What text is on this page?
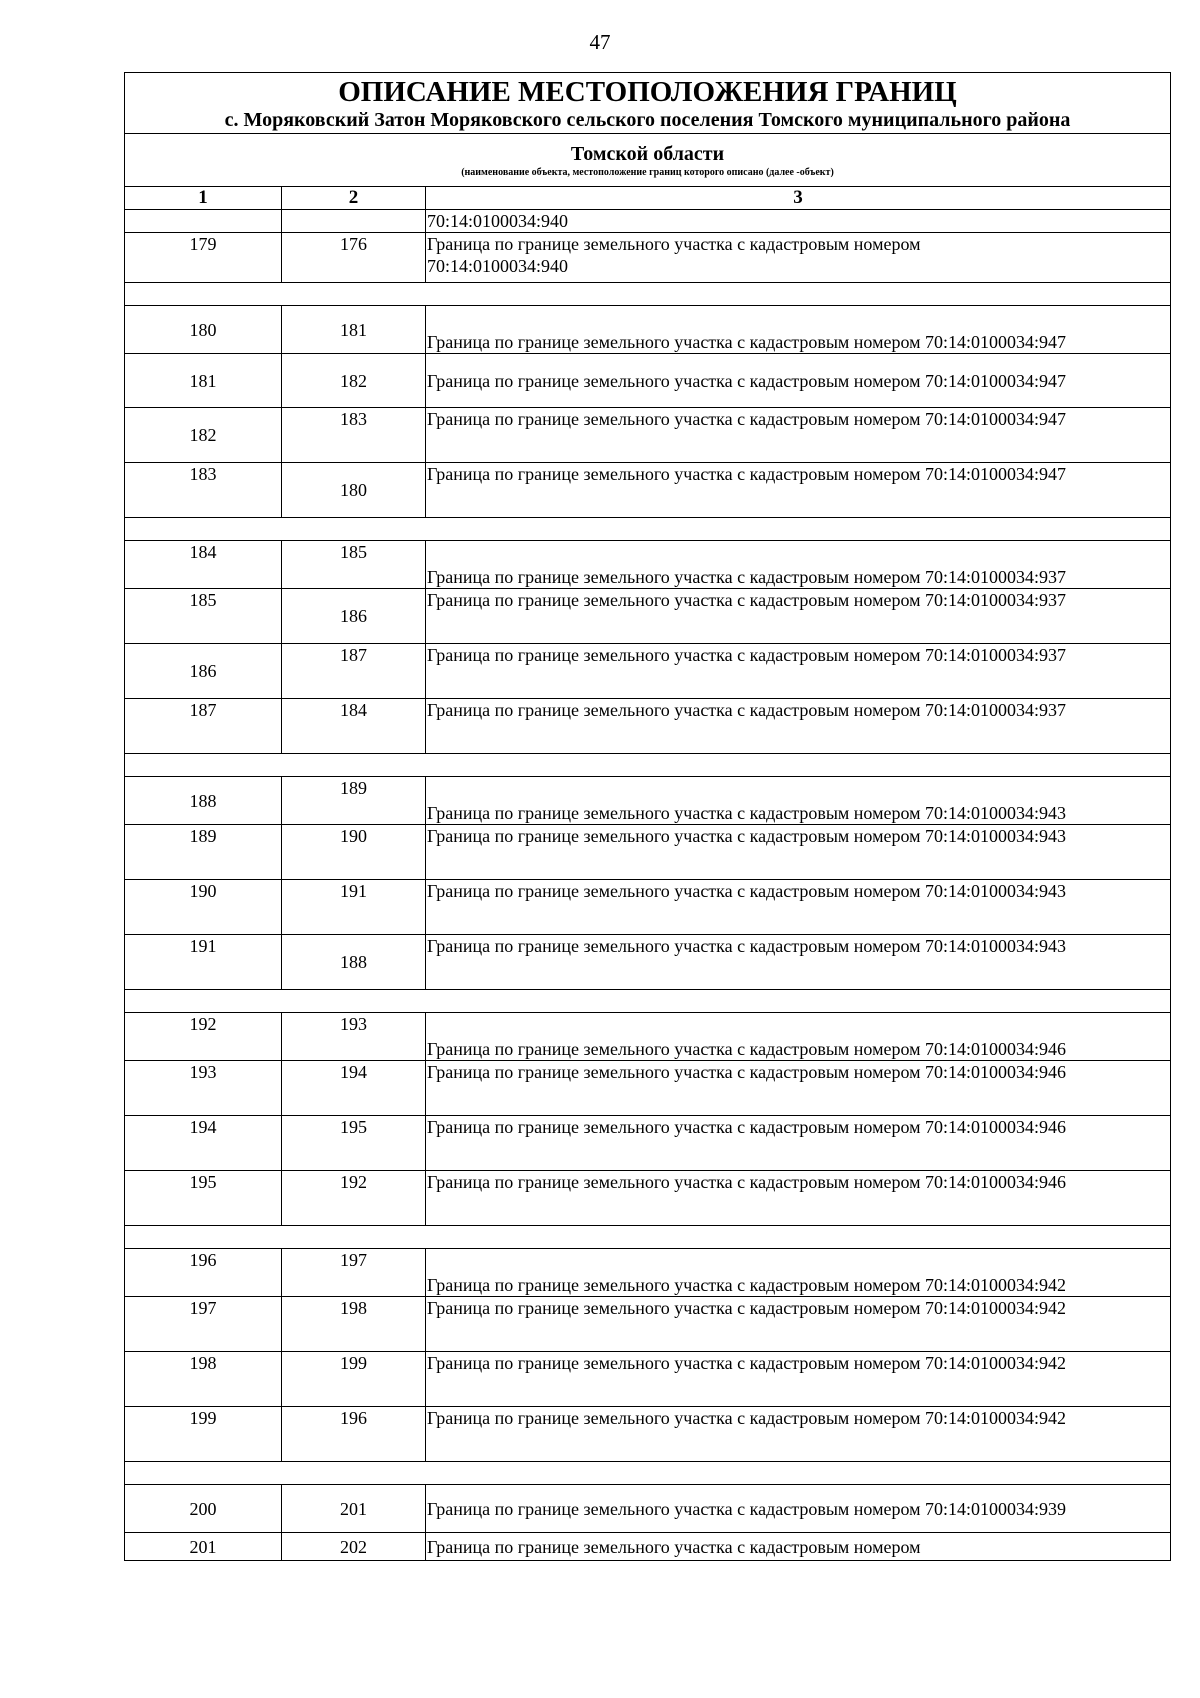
47
ОПИСАНИЕ МЕСТОПОЛОЖЕНИЯ ГРАНИЦ
с. Моряковский Затон Моряковского сельского поселения Томского муниципального района		

Томской области
(наименование объекта, местоположение границ которого описано (далее -объект)		

1	2	3
		70:14:0100034:940
179	176	Граница по границе земельного участка с кадастровым номером
70:14:0100034:940

180	181	Граница по границе земельного участка с кадастровым номером 70:14:0100034:947
181	182	Граница по границе земельного участка с кадастровым номером 70:14:0100034:947
182	183	Граница по границе земельного участка с кадастровым номером 70:14:0100034:947
183	180	Граница по границе земельного участка с кадастровым номером 70:14:0100034:947

184	185	Граница по границе земельного участка с кадастровым номером 70:14:0100034:937
185	186	Граница по границе земельного участка с кадастровым номером 70:14:0100034:937
186	187	Граница по границе земельного участка с кадастровым номером 70:14:0100034:937
187	184	Граница по границе земельного участка с кадастровым номером 70:14:0100034:937

188	189	Граница по границе земельного участка с кадастровым номером 70:14:0100034:943
189	190	Граница по границе земельного участка с кадастровым номером 70:14:0100034:943
190	191	Граница по границе земельного участка с кадастровым номером 70:14:0100034:943
191	188	Граница по границе земельного участка с кадастровым номером 70:14:0100034:943

192	193	Граница по границе земельного участка с кадастровым номером 70:14:0100034:946
193	194	Граница по границе земельного участка с кадастровым номером 70:14:0100034:946
194	195	Граница по границе земельного участка с кадастровым номером 70:14:0100034:946
195	192	Граница по границе земельного участка с кадастровым номером 70:14:0100034:946

196	197	Граница по границе земельного участка с кадастровым номером 70:14:0100034:942
197	198	Граница по границе земельного участка с кадастровым номером 70:14:0100034:942
198	199	Граница по границе земельного участка с кадастровым номером 70:14:0100034:942
199	196	Граница по границе земельного участка с кадастровым номером 70:14:0100034:942

200	201	Граница по границе земельного участка с кадастровым номером 70:14:0100034:939
201	202	Граница по границе земельного участка с кадастровым номером
